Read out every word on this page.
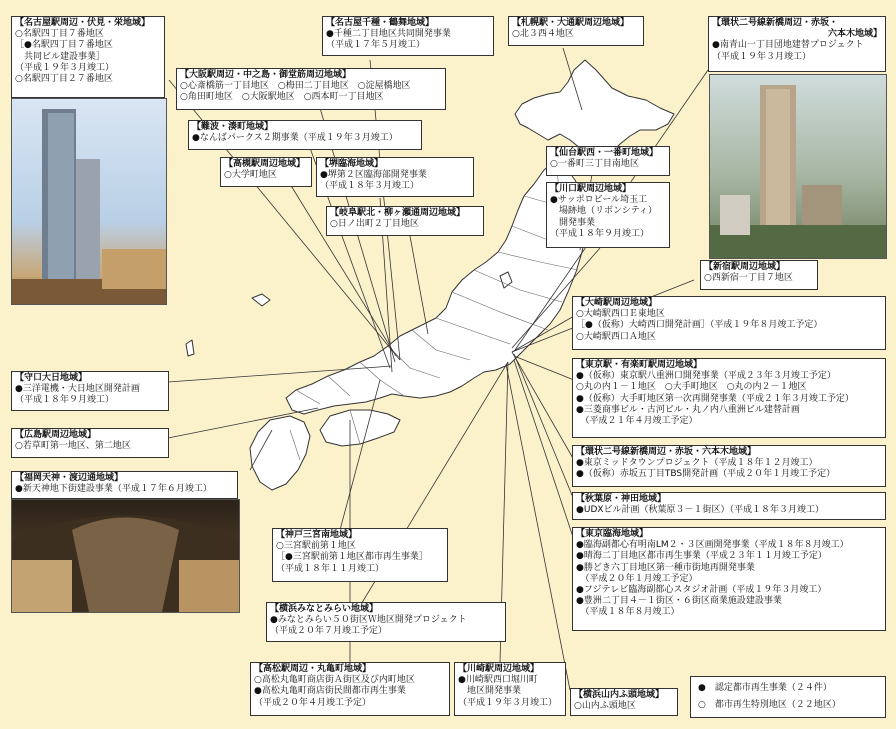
【名古屋駅周辺・伏見・栄地域】
○名駅四丁目７番地区
［●名駅四丁目７番地区
　共同ビル建設事業］
（平成１９年３月竣工）
○名駅四丁目２７番地区
【名古屋千種・鶴舞地域】
●千種二丁目地区共同開発事業
（平成１７年５月竣工）
【札幌駅・大通駅周辺地域】
○北３西４地区
【環状二号線新橋周辺・赤坂・
六本木地域】
●南青山一丁目団地建替プロジェクト
（平成１９年３月竣工）
【大阪駅周辺・中之島・御堂筋周辺地域】
○心斎橋筋一丁目地区　○梅田二丁目地区　○淀屋橋地区
○角田町地区　○大阪駅地区　○西本町一丁目地区
【難波・湊町地域】
●なんばパークス２期事業（平成１９年３月竣工）
【仙台駅西・一番町地域】
○一番町三丁目南地区
【高槻駅周辺地域】
○大学町地区
【堺臨海地域】
●堺第２区臨海部開発事業
（平成１８年３月竣工）	【川口駅周辺地域】
●サッポロビール埼玉工
　場跡地（リボンシティ）
　開発事業
（平成１８年９月竣工）
【岐阜駅北・柳ヶ瀬通周辺地域】
○日ノ出町２丁目地区
【新宿駅周辺地域】
○西新宿一丁目７地区
【大崎駅周辺地域】
○大崎駅西口Ｅ東地区
［●（仮称）大崎西口開発計画］（平成１９年８月竣工予定）
○大崎駅西口Ａ地区
【守口大日地域】
●三洋電機・大日地区開発計画
（平成１８年９月竣工）
【東京駅・有楽町駅周辺地域】
●（仮称）東京駅八重洲口開発事業（平成２３年３月竣工予定）
○丸の内１－１地区　○大手町地区　○丸の内２－１地区
●（仮称）大手町地区第一次再開発事業（平成２１年３月竣工予定）
●三菱商事ビル・古河ビル・丸ノ内八重洲ビル建替計画
　（平成２１年４月竣工予定）
【広島駅周辺地域】
○若草町第一地区、第二地区
【環状二号線新橋周辺・赤坂・六本木地域】
●東京ミッドタウンプロジェクト（平成１８年１２月竣工）
●（仮称）赤坂五丁目TBS開発計画（平成２０年１月竣工予定）
【福岡天神・渡辺通地域】
●新天神地下街建設事業（平成１７年６月竣工）
【秋葉原・神田地域】
●UDXビル計画（秋葉原３－１街区）（平成１８年３月竣工）
【神戸三宮南地域】
○三宮駅前第１地区
［●三宮駅前第１地区都市再生事業］
（平成１８年１１月竣工）
【東京臨海地域】
●臨海副都心有明南LM２・３区画開発事業（平成１８年８月竣工）
●晴海二丁目地区都市再生事業（平成２３年１１月竣工予定）
●勝どき六丁目地区第一種市街地再開発事業
　（平成２０年１月竣工予定）
●フジテレビ臨海副都心スタジオ計画（平成１９年３月竣工）
●豊洲二丁目４－１街区・６街区商業施設建設事業
　（平成１８年８月竣工）
【横浜みなとみらい地域】
●みなとみらい５０街区Ｗ地区開発プロジェクト
（平成２０年７月竣工予定）
【高松駅周辺・丸亀町地域】
○高松丸亀町商店街Ａ街区及び内町地区
●高松丸亀町商店街民間都市再生事業
（平成２０年４月竣工予定）
【川崎駅周辺地域】
●川崎駅西口堀川町
　地区開発事業
（平成１９年３月竣工）
【横浜山内ふ頭地域】
○山内ふ頭地区
●　認定都市再生事業（２４件）
○　都市再生特別地区（２２地区）
